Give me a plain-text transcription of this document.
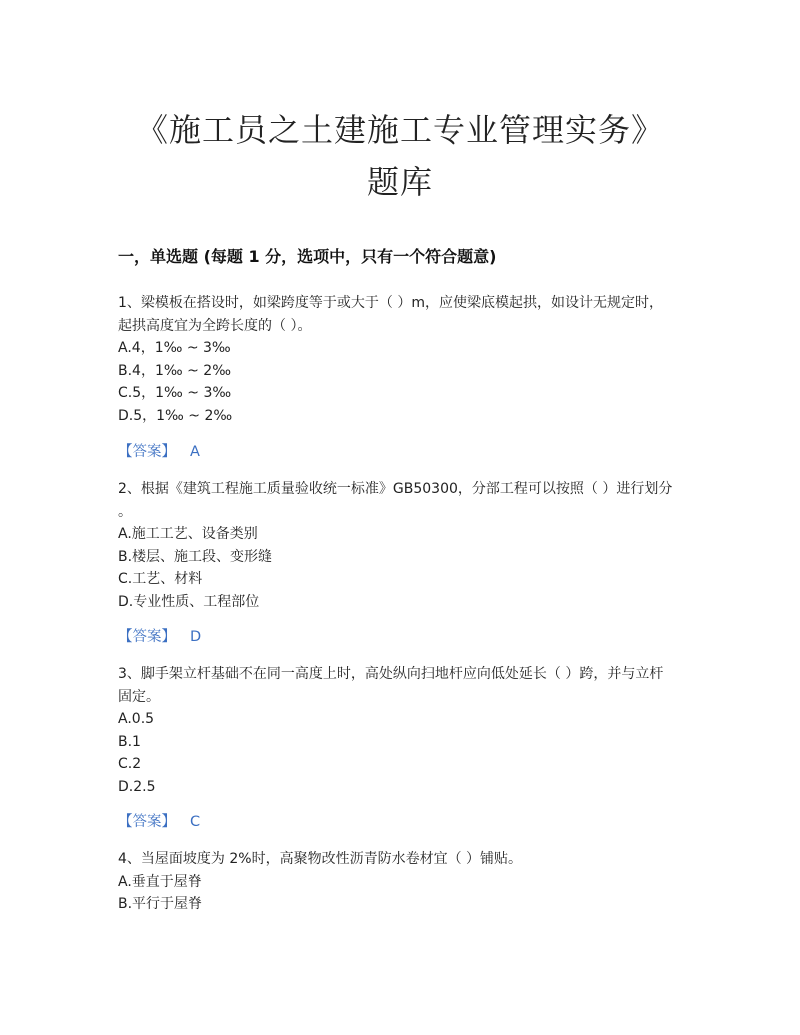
《施工员之土建施工专业管理实务》
题库
一，单选题 (每题 1 分，选项中，只有一个符合题意)
1、梁模板在搭设时，如梁跨度等于或大于（ ）m，应使梁底模起拱，如设计无规定时，
起拱高度宜为全跨长度的（ ）。
A.4，1‰ ~ 3‰
B.4，1‰ ~ 2‰
C.5，1‰ ~ 3‰
D.5，1‰ ~ 2‰
【答案】 A
2、根据《建筑工程施工质量验收统一标准》GB50300，分部工程可以按照（ ）进行划分
。
A.施工工艺、设备类别
B.楼层、施工段、变形缝
C.工艺、材料
D.专业性质、工程部位
【答案】 D
3、脚手架立杆基础不在同一高度上时，高处纵向扫地杆应向低处延长（ ）跨，并与立杆
固定。
A.0.5
B.1
C.2
D.2.5
【答案】 C
4、当屋面坡度为 2%时，高聚物改性沥青防水卷材宜（ ）铺贴。
A.垂直于屋脊
B.平行于屋脊
